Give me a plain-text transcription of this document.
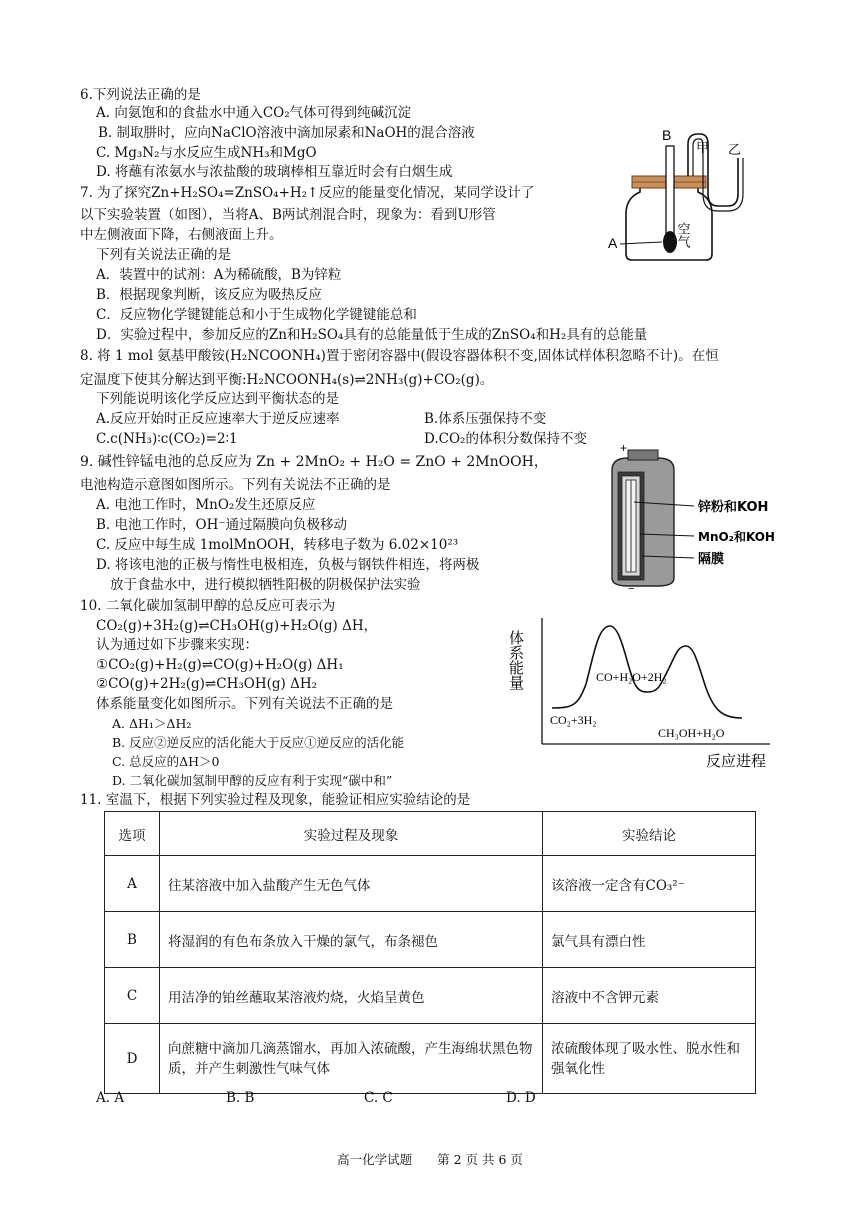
6.下列说法正确的是
A. 向氨饱和的食盐水中通入CO₂气体可得到纯碱沉淀
B. 制取肼时，应向NaClO溶液中滴加尿素和NaOH的混合溶液
C. Mg₃N₂与水反应生成NH₃和MgO
D. 将蘸有浓氨水与浓盐酸的玻璃棒相互靠近时会有白烟生成
7. 为了探究Zn+H₂SO₄=ZnSO₄+H₂↑反应的能量变化情况，某同学设计了
以下实验装置（如图），当将A、B两试剂混合时，现象为：看到U形管
中左侧液面下降，右侧液面上升。
下列有关说法正确的是
A．装置中的试剂：A为稀硫酸，B为锌粒
B．根据现象判断，该反应为吸热反应
C．反应物化学键键能总和小于生成物化学键键能总和
D．实验过程中，参加反应的Zn和H₂SO₄具有的总能量低于生成的ZnSO₄和H₂具有的总能量
B
甲 乙
A	空气
8. 将 1 mol 氨基甲酸铵(H₂NCOONH₄)置于密闭容器中(假设容器体积不变,固体试样体积忽略不计)。在恒
定温度下使其分解达到平衡:H₂NCOONH₄(s)⇌2NH₃(g)+CO₂(g)。
下列能说明该化学反应达到平衡状态的是
A.反应开始时正反应速率大于逆反应速率	B.体系压强保持不变
C.c(NH₃)∶c(CO₂)=2∶1	D.CO₂的体积分数保持不变
9. 碱性锌锰电池的总反应为 Zn + 2MnO₂ + H₂O = ZnO + 2MnOOH，
电池构造示意图如图所示。下列有关说法不正确的是
A. 电池工作时，MnO₂发生还原反应
B. 电池工作时，OH⁻通过隔膜向负极移动
C. 反应中每生成 1molMnOOH，转移电子数为 6.02×10²³
D. 将该电池的正极与惰性电极相连，负极与钢铁件相连，将两极
放于食盐水中，进行模拟牺牲阳极的阴极保护法实验
+
−
锌粉和KOH
MnO₂和KOH
隔膜
10. 二氧化碳加氢制甲醇的总反应可表示为
CO₂(g)+3H₂(g)⇌CH₃OH(g)+H₂O(g) ΔH，
认为通过如下步骤来实现：
①CO₂(g)+H₂(g)⇌CO(g)+H₂O(g) ΔH₁
②CO(g)+2H₂(g)⇌CH₃OH(g) ΔH₂
体系能量变化如图所示。下列有关说法不正确的是
A. ΔH₁＞ΔH₂
B. 反应②逆反应的活化能大于反应①逆反应的活化能
C. 总反应的ΔH＞0
D. 二氧化碳加氢制甲醇的反应有利于实现“碳中和”
体系能量
反应进程
CO₂+3H₂
CO+H₂O+2H₂
CH₃OH+H₂O
11. 室温下，根据下列实验过程及现象，能验证相应实验结论的是
选项	实验过程及现象	实验结论
A	往某溶液中加入盐酸产生无色气体	该溶液一定含有CO₃²⁻
B	将湿润的有色布条放入干燥的氯气，布条褪色	氯气具有漂白性
C	用洁净的铂丝蘸取某溶液灼烧，火焰呈黄色	溶液中不含钾元素
D	向蔗糖中滴加几滴蒸馏水，再加入浓硫酸，产生海绵状黑色物质，并产生刺激性气味气体	浓硫酸体现了吸水性、脱水性和强氧化性
A. A	B. B	C. C	D. D
高一化学试题　　第 2 页 共 6 页
